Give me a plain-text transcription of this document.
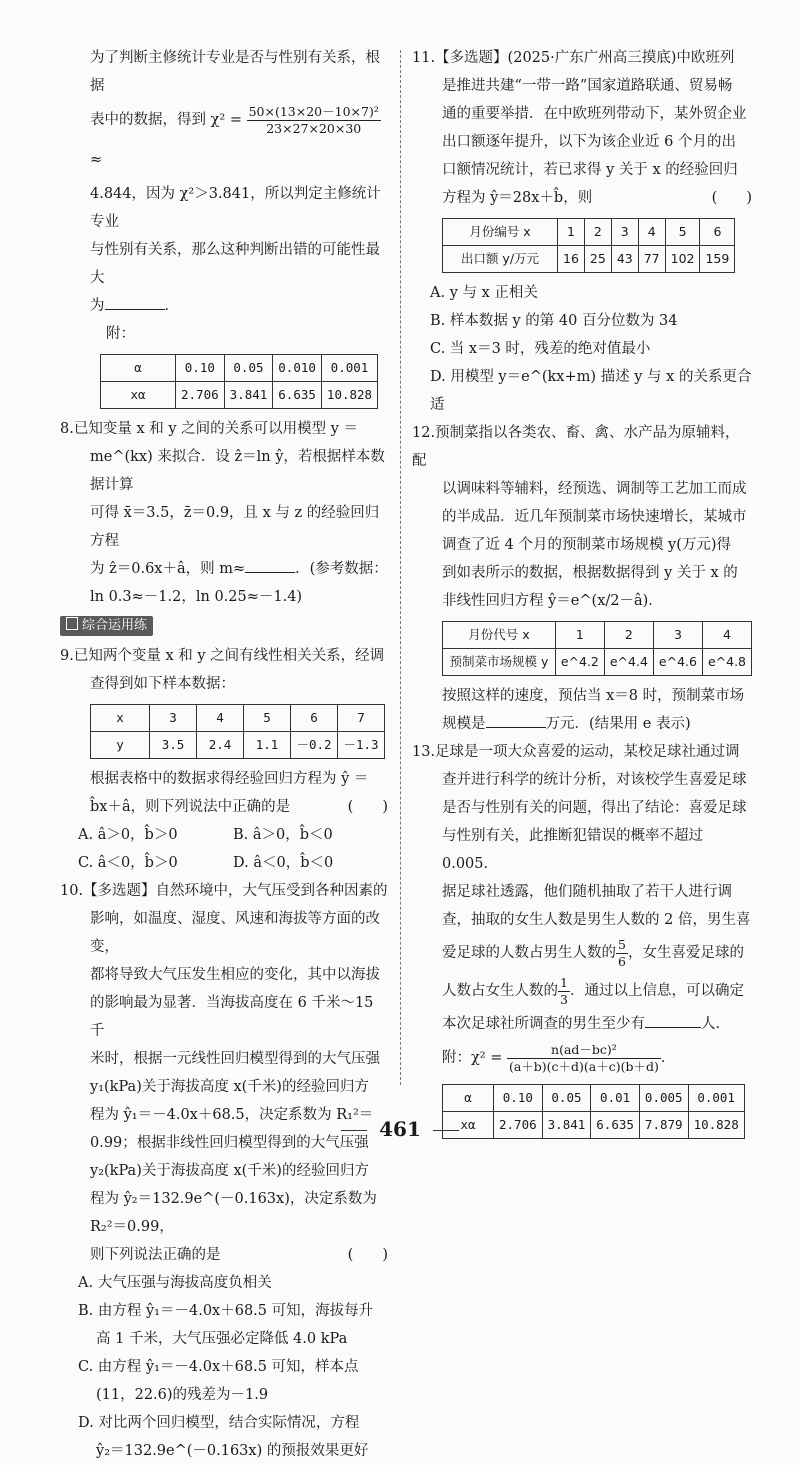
为了判断主修统计专业是否与性别有关系，根据

表中的数据，得到 $\chi^2 = \frac{\text{50×(13×20－10×7)²}}{23\times 27\times 20\times 30}$
≈

4.844，因为 χ²＞3.841，所以判定主修统计专业

与性别有关系，那么这种判断出错的可能性最大

为	．

附：

α	0.10	0.05	0.010	0.001
xα	2.706	3.841	6.635	10.828

8.已知变量 x 和 y 之间的关系可以用模型 y ＝

me^(kx) 来拟合．设 ẑ＝ln ŷ，若根据样本数据计算

可得 x̄＝3.5，z̄＝0.9，且 x 与 z 的经验回归方程

为 ẑ＝0.6x＋â，则 m≈	．(参考数据：

ln 0.3≈－1.2，ln 0.25≈－1.4)

综合运用练

9.已知两个变量 x 和 y 之间有线性相关关系，经调

查得到如下样本数据：

x	3	4	5	6	7
y	3.5	2.4	1.1	－0.2	－1.3

根据表格中的数据求得经验回归方程为 ŷ ＝

b̂x＋â，则下列说法中正确的是	(　　)

A. â＞0，b̂＞0	B. â＞0，b̂＜0

C. â＜0，b̂＞0	D. â＜0，b̂＜0

10.【多选题】自然环境中，大气压受到各种因素的

影响，如温度、湿度、风速和海拔等方面的改变，

都将导致大气压发生相应的变化，其中以海拔

的影响最为显著．当海拔高度在 6 千米～15 千

米时，根据一元线性回归模型得到的大气压强

y₁(kPa)关于海拔高度 x(千米)的经验回归方

程为 ŷ₁＝－4.0x＋68.5，决定系数为 R₁²＝

0.99；根据非线性回归模型得到的大气压强

y₂(kPa)关于海拔高度 x(千米)的经验回归方

程为 ŷ₂＝132.9e^(－0.163x)，决定系数为 R₂²＝0.99，

则下列说法正确的是	(　　)

A. 大气压强与海拔高度负相关

B. 由方程 ŷ₁＝－4.0x＋68.5 可知，海拔每升

高 1 千米，大气压强必定降低 4.0 kPa

C. 由方程 ŷ₁＝－4.0x＋68.5 可知，样本点

(11，22.6)的残差为－1.9

D. 对比两个回归模型，结合实际情况，方程

ŷ₂＝132.9e^(－0.163x) 的预报效果更好

11.【多选题】(2025·广东广州高三摸底)中欧班列

是推进共建“一带一路”国家道路联通、贸易畅

通的重要举措．在中欧班列带动下，某外贸企业

出口额逐年提升，以下为该企业近 6 个月的出

口额情况统计，若已求得 y 关于 x 的经验回归

方程为 ŷ＝28x＋b̂，则	(　　)

月份编号 x	1	2	3	4	5	6
出口额 y/万元	16	25	43	77	102	159

A. y 与 x 正相关

B. 样本数据 y 的第 40 百分位数为 34

C. 当 x＝3 时，残差的绝对值最小

D. 用模型 y＝e^(kx+m) 描述 y 与 x 的关系更合适

12.预制菜指以各类农、畜、禽、水产品为原辅料，配

以调味料等辅料，经预选、调制等工艺加工而成

的半成品．近几年预制菜市场快速增长，某城市

调查了近 4 个月的预制菜市场规模 y(万元)得

到如表所示的数据，根据数据得到 y 关于 x 的

非线性回归方程 ŷ＝e^(x/2－â)．

月份代号 x	1	2	3	4
预制菜市场规模 y	e^4.2	e^4.4	e^4.6	e^4.8

按照这样的速度，预估当 x＝8 时，预制菜市场

规模是	万元．(结果用 e 表示)

13.足球是一项大众喜爱的运动，某校足球社通过调

查并进行科学的统计分析，对该校学生喜爱足球

是否与性别有关的问题，得出了结论：喜爱足球

与性别有关，此推断犯错误的概率不超过 0.005.

据足球社透露，他们随机抽取了若干人进行调

查，抽取的女生人数是男生人数的 2 倍，男生喜

爱足球的人数占男生人数的 $\frac{5}{6}$ ，女生喜爱足球的

人数占女生人数的 $\frac{1}{3}$ ．通过以上信息，可以确定

本次足球社所调查的男生至少有	人．

附：$\chi^2 = \frac{\text{n(ad－bc)²}}{(a+b)(c+d)(a+c)(b+d)}$ ．

α	0.10	0.05	0.01	0.005	0.001
xα	2.706	3.841	6.635	7.879	10.828
461
